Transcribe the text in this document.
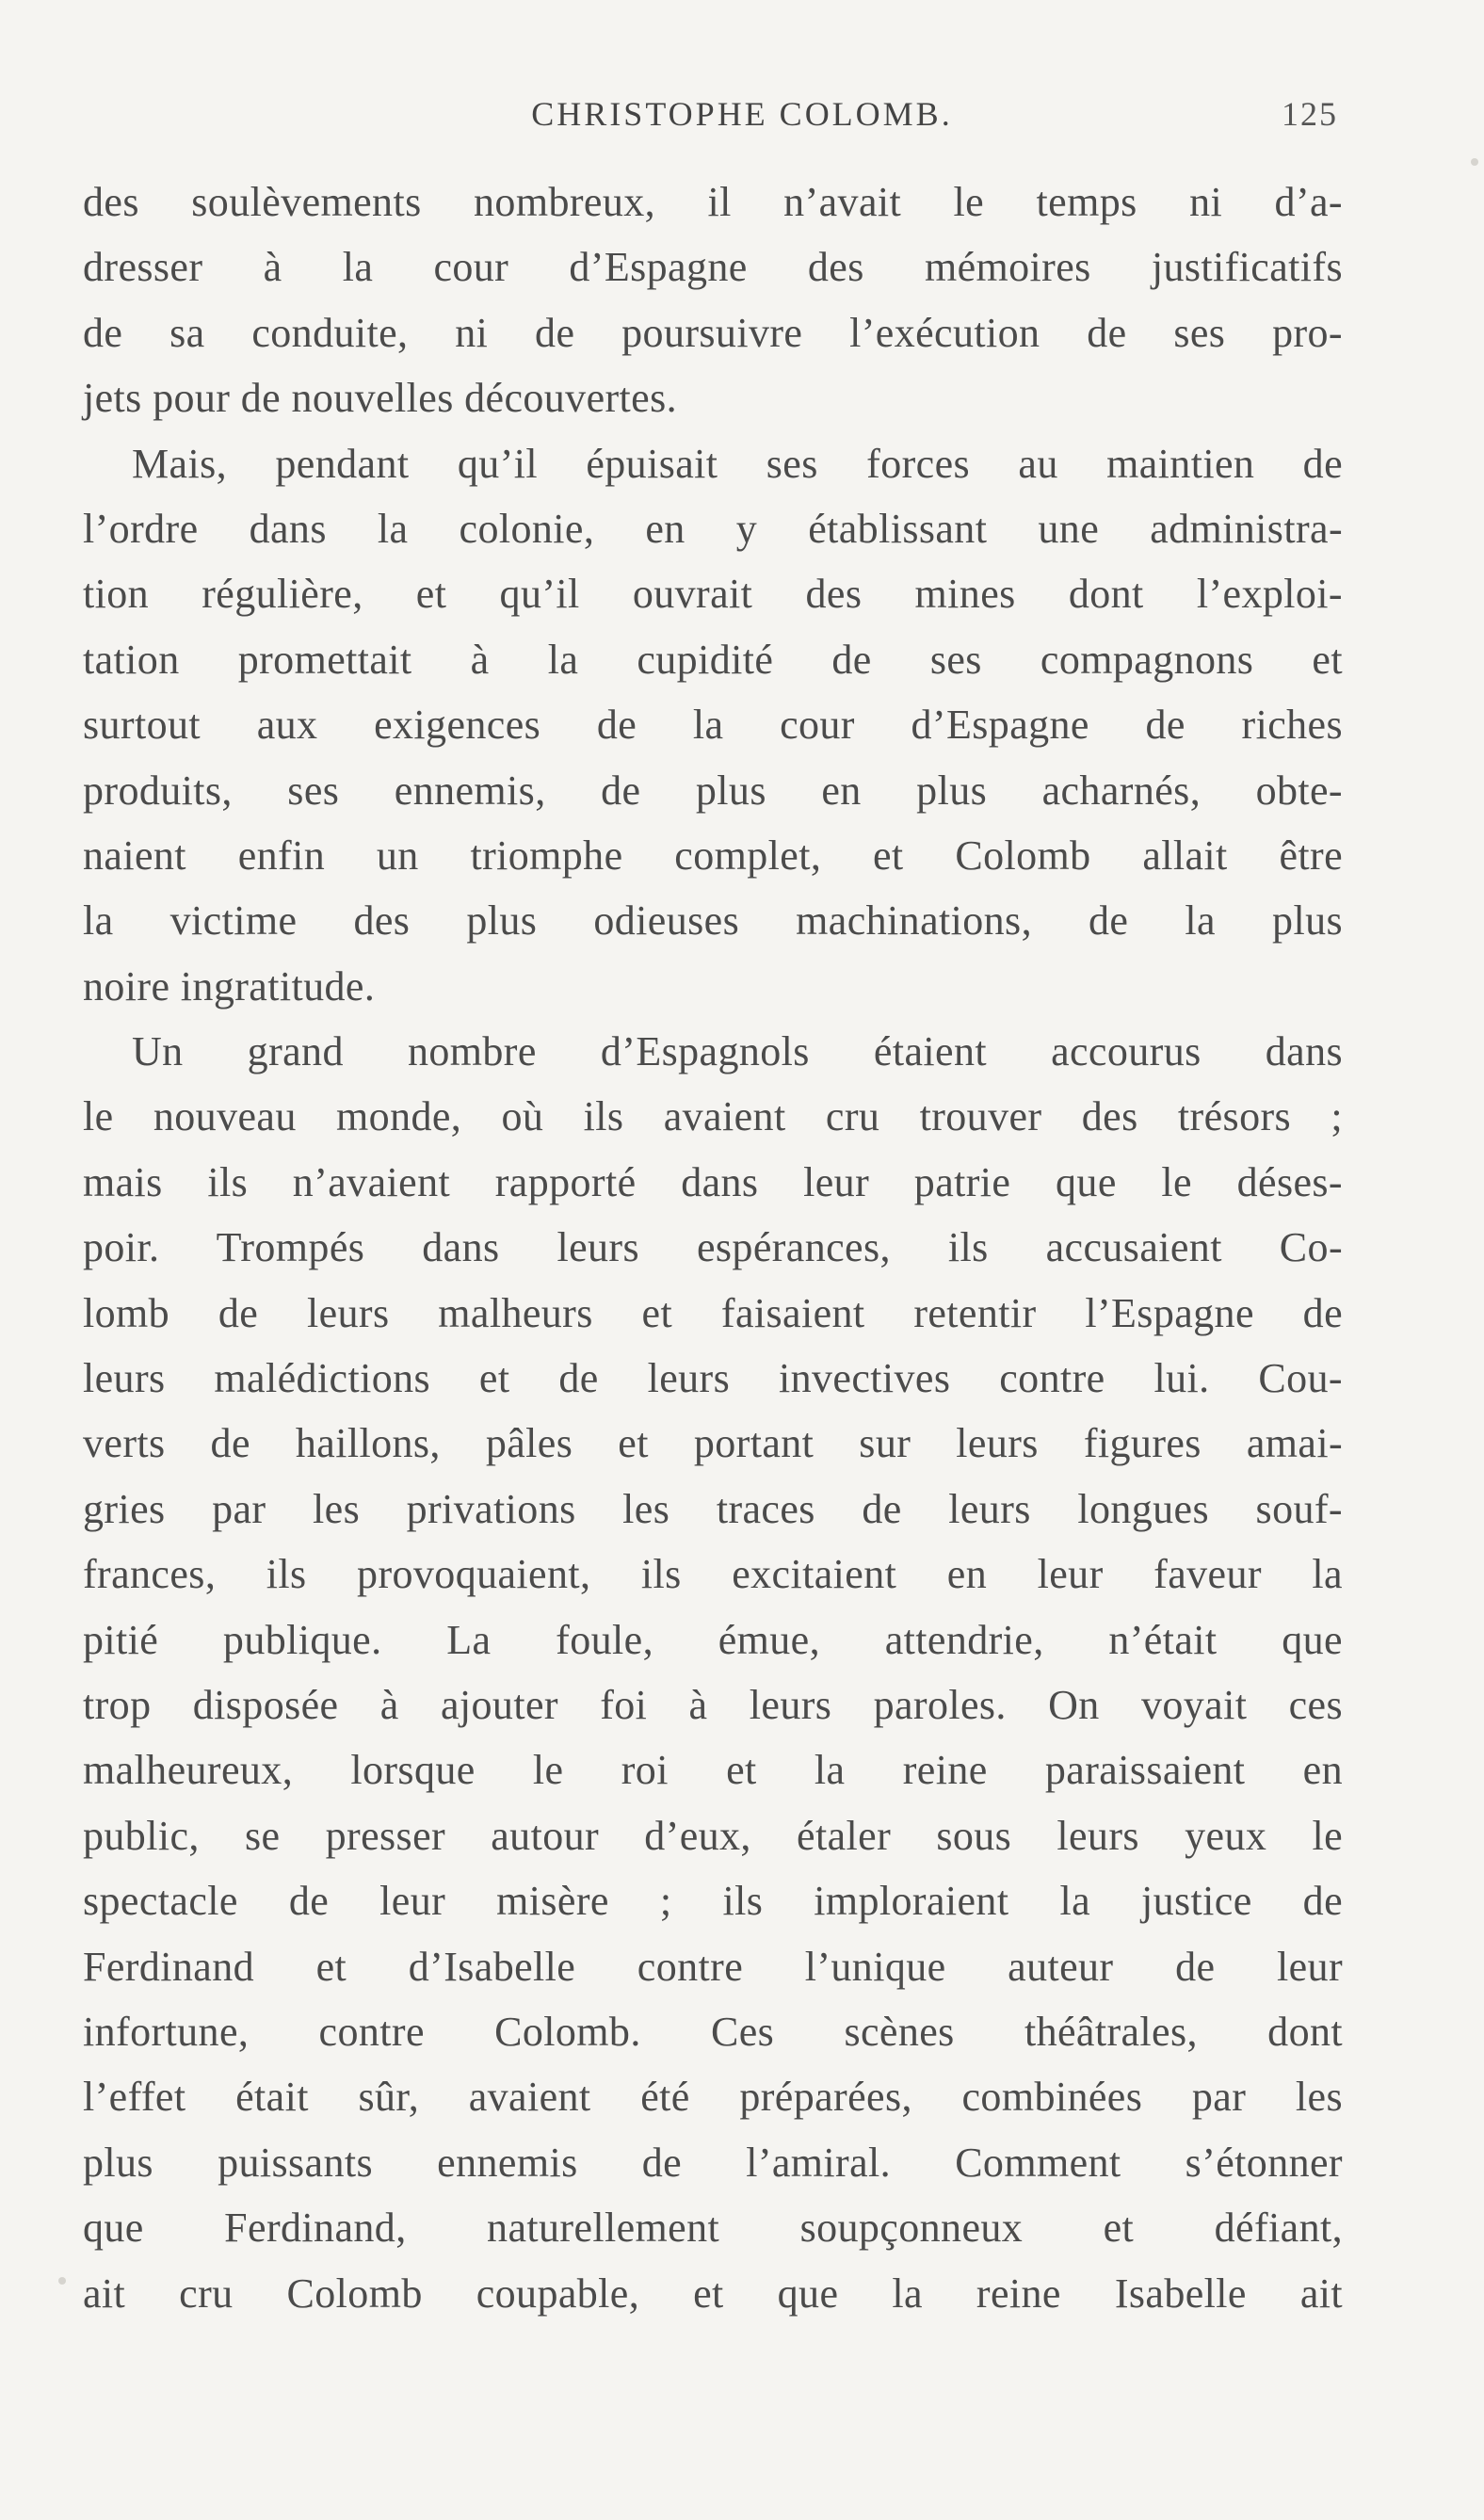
CHRISTOPHE COLOMB.	125
des soulèvements nombreux, il n’avait le temps ni d’a-
dresser à la cour d’Espagne des mémoires justificatifs
de sa conduite, ni de poursuivre l’exécution de ses pro-
jets pour de nouvelles découvertes.
Mais, pendant qu’il épuisait ses forces au maintien de
l’ordre dans la colonie, en y établissant une administra-
tion régulière, et qu’il ouvrait des mines dont l’exploi-
tation promettait à la cupidité de ses compagnons et
surtout aux exigences de la cour d’Espagne de riches
produits, ses ennemis, de plus en plus acharnés, obte-
naient enfin un triomphe complet, et Colomb allait être
la victime des plus odieuses machinations, de la plus
noire ingratitude.
Un grand nombre d’Espagnols étaient accourus dans
le nouveau monde, où ils avaient cru trouver des trésors ;
mais ils n’avaient rapporté dans leur patrie que le déses-
poir. Trompés dans leurs espérances, ils accusaient Co-
lomb de leurs malheurs et faisaient retentir l’Espagne de
leurs malédictions et de leurs invectives contre lui. Cou-
verts de haillons, pâles et portant sur leurs figures amai-
gries par les privations les traces de leurs longues souf-
frances, ils provoquaient, ils excitaient en leur faveur la
pitié publique. La foule, émue, attendrie, n’était que
trop disposée à ajouter foi à leurs paroles. On voyait ces
malheureux, lorsque le roi et la reine paraissaient en
public, se presser autour d’eux, étaler sous leurs yeux le
spectacle de leur misère ; ils imploraient la justice de
Ferdinand et d’Isabelle contre l’unique auteur de leur
infortune, contre Colomb. Ces scènes théâtrales, dont
l’effet était sûr, avaient été préparées, combinées par les
plus puissants ennemis de l’amiral. Comment s’étonner
que Ferdinand, naturellement soupçonneux et défiant,
ait cru Colomb coupable, et que la reine Isabelle ait
